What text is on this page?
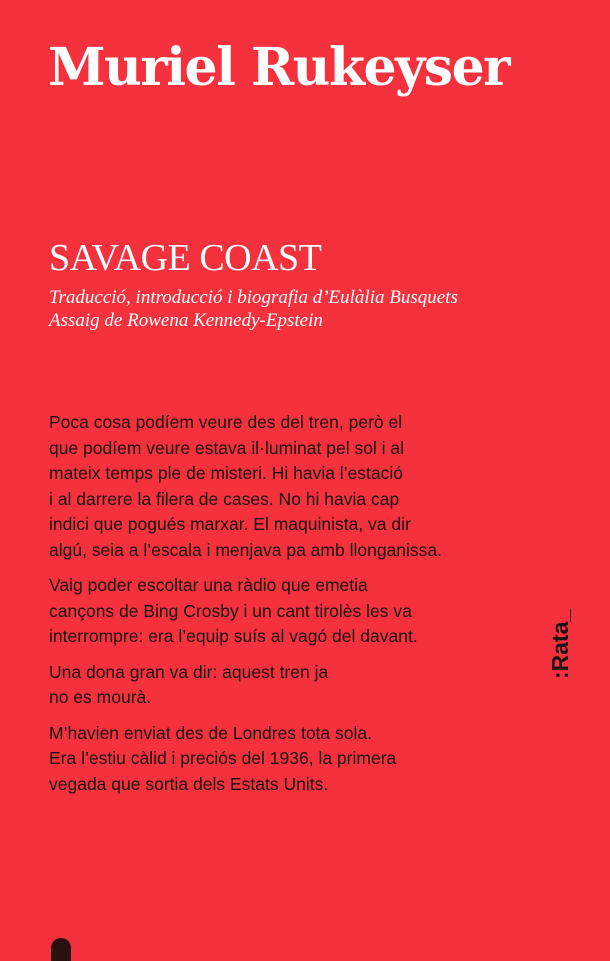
Muriel Rukeyser
SAVAGE COAST
Traducció, introducció i biografia d’Eulàlia Busquets
Assaig de Rowena Kennedy-Epstein

Poca cosa podíem veure des del tren, però el
que podíem veure estava il·luminat pel sol i al
mateix temps ple de misteri. Hi havia l’estació
i al darrere la filera de cases. No hi havia cap
indici que pogués marxar. El maquinista, va dir
algú, seia a l’escala i menjava pa amb llonganissa.

Vaig poder escoltar una ràdio que emetia
cançons de Bing Crosby i un cant tirolès les va
interrompre: era l’equip suís al vagó del davant.

Una dona gran va dir: aquest tren ja
no es mourà.

M’havien enviat des de Londres tota sola.
Era l’estiu càlid i preciós del 1936, la primera
vegada que sortia dels Estats Units.

:Rata_
